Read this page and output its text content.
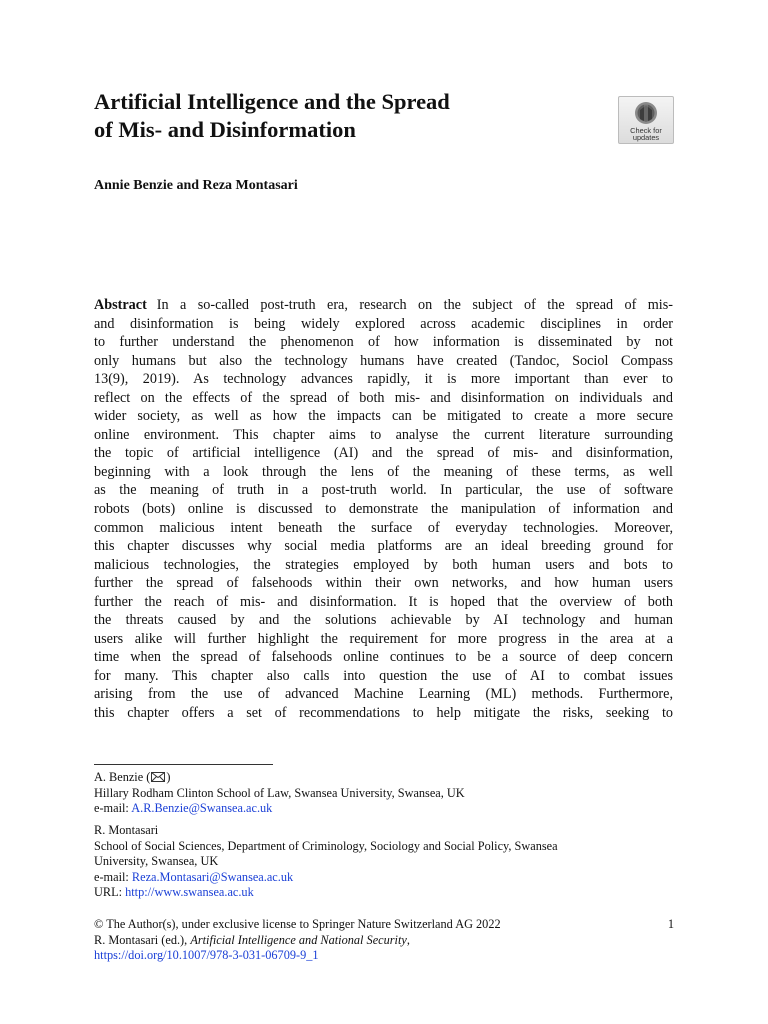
Artificial Intelligence and the Spread
of Mis- and Disinformation	Check for
updates
Annie Benzie and Reza Montasari
Abstract In a so-called post-truth era, research on the subject of the spread of mis-
and disinformation is being widely explored across academic disciplines in order
to further understand the phenomenon of how information is disseminated by not
only humans but also the technology humans have created (Tandoc, Sociol Compass
13(9), 2019). As technology advances rapidly, it is more important than ever to
reflect on the effects of the spread of both mis- and disinformation on individuals and
wider society, as well as how the impacts can be mitigated to create a more secure
online environment. This chapter aims to analyse the current literature surrounding
the topic of artificial intelligence (AI) and the spread of mis- and disinformation,
beginning with a look through the lens of the meaning of these terms, as well
as the meaning of truth in a post-truth world. In particular, the use of software
robots (bots) online is discussed to demonstrate the manipulation of information and
common malicious intent beneath the surface of everyday technologies. Moreover,
this chapter discusses why social media platforms are an ideal breeding ground for
malicious technologies, the strategies employed by both human users and bots to
further the spread of falsehoods within their own networks, and how human users
further the reach of mis- and disinformation. It is hoped that the overview of both
the threats caused by and the solutions achievable by AI technology and human
users alike will further highlight the requirement for more progress in the area at a
time when the spread of falsehoods online continues to be a source of deep concern
for many. This chapter also calls into question the use of AI to combat issues
arising from the use of advanced Machine Learning (ML) methods. Furthermore,
this chapter offers a set of recommendations to help mitigate the risks, seeking to
A. Benzie ( )
Hillary Rodham Clinton School of Law, Swansea University, Swansea, UK
e-mail: A.R.Benzie@Swansea.ac.uk
R. Montasari
School of Social Sciences, Department of Criminology, Sociology and Social Policy, Swansea
University, Swansea, UK
e-mail: Reza.Montasari@Swansea.ac.uk
URL: http://www.swansea.ac.uk
© The Author(s), under exclusive license to Springer Nature Switzerland AG 2022	1
R. Montasari (ed.), Artificial Intelligence and National Security,
https://doi.org/10.1007/978-3-031-06709-9_1
